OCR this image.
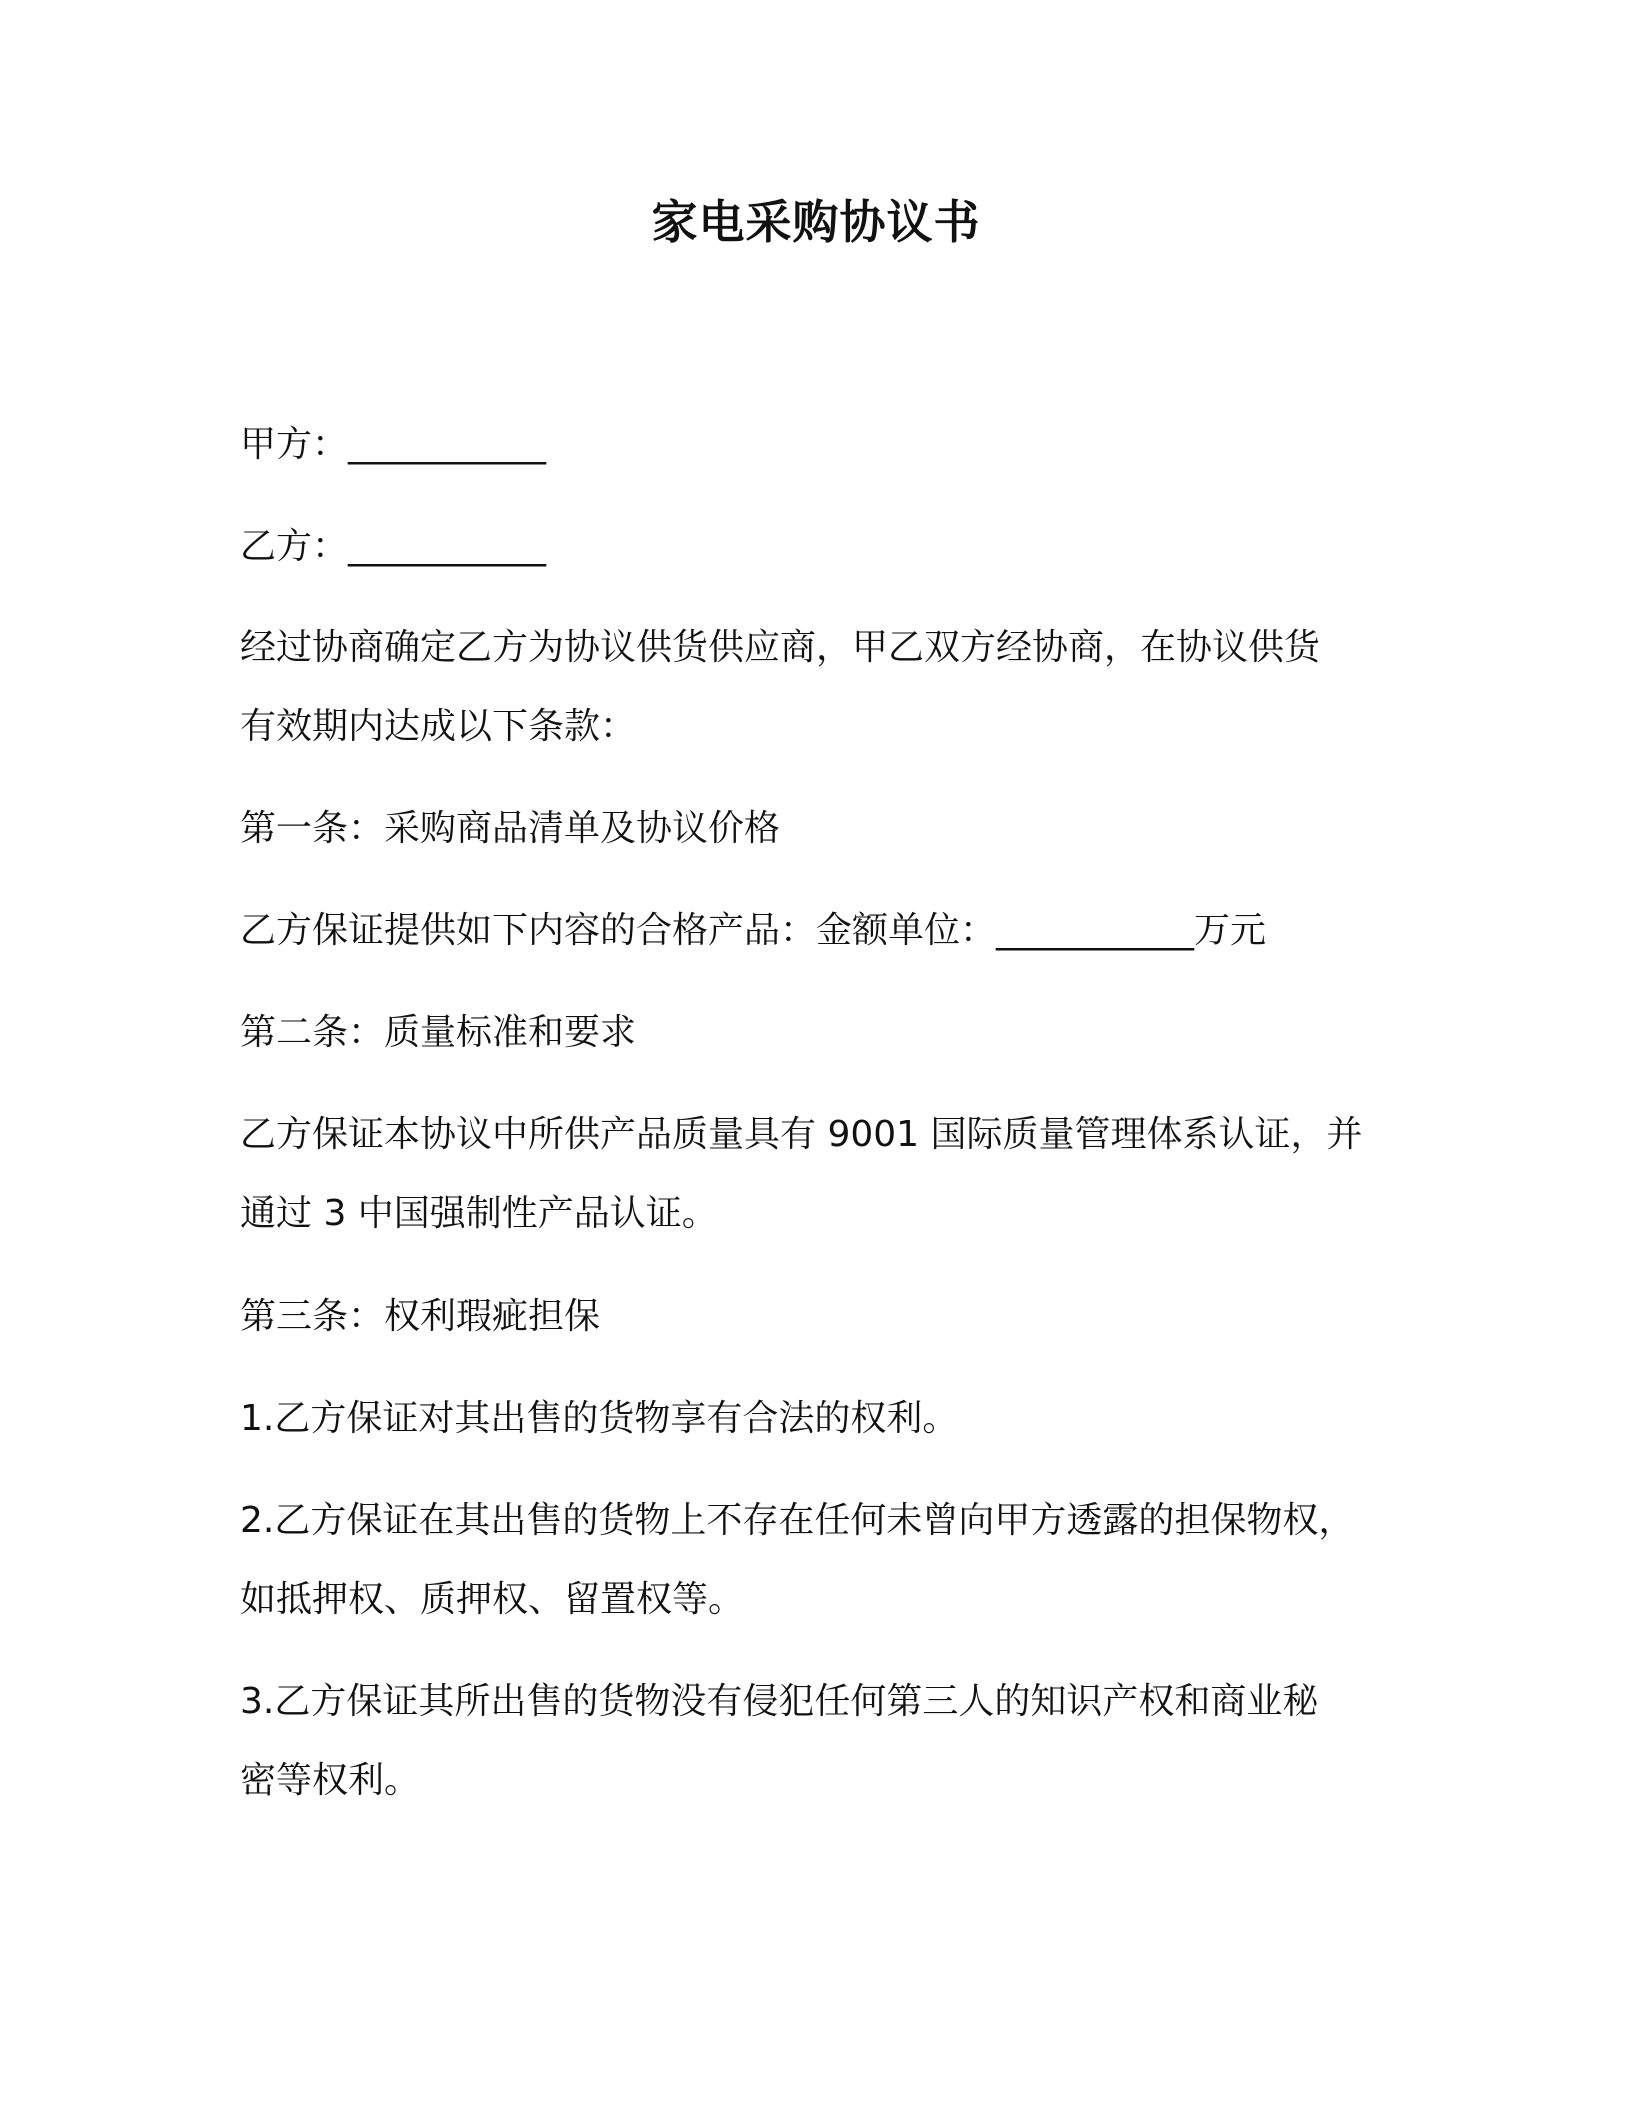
家电采购协议书
甲方：___________
乙方：___________
经过协商确定乙方为协议供货供应商，甲乙双方经协商，在协议供货
有效期内达成以下条款：
第一条：采购商品清单及协议价格
乙方保证提供如下内容的合格产品：金额单位：___________万元
第二条：质量标准和要求
乙方保证本协议中所供产品质量具有 9001 国际质量管理体系认证，并
通过 3 中国强制性产品认证。
第三条：权利瑕疵担保
1.乙方保证对其出售的货物享有合法的权利。
2.乙方保证在其出售的货物上不存在任何未曾向甲方透露的担保物权，
如抵押权、质押权、留置权等。
3.乙方保证其所出售的货物没有侵犯任何第三人的知识产权和商业秘
密等权利。
